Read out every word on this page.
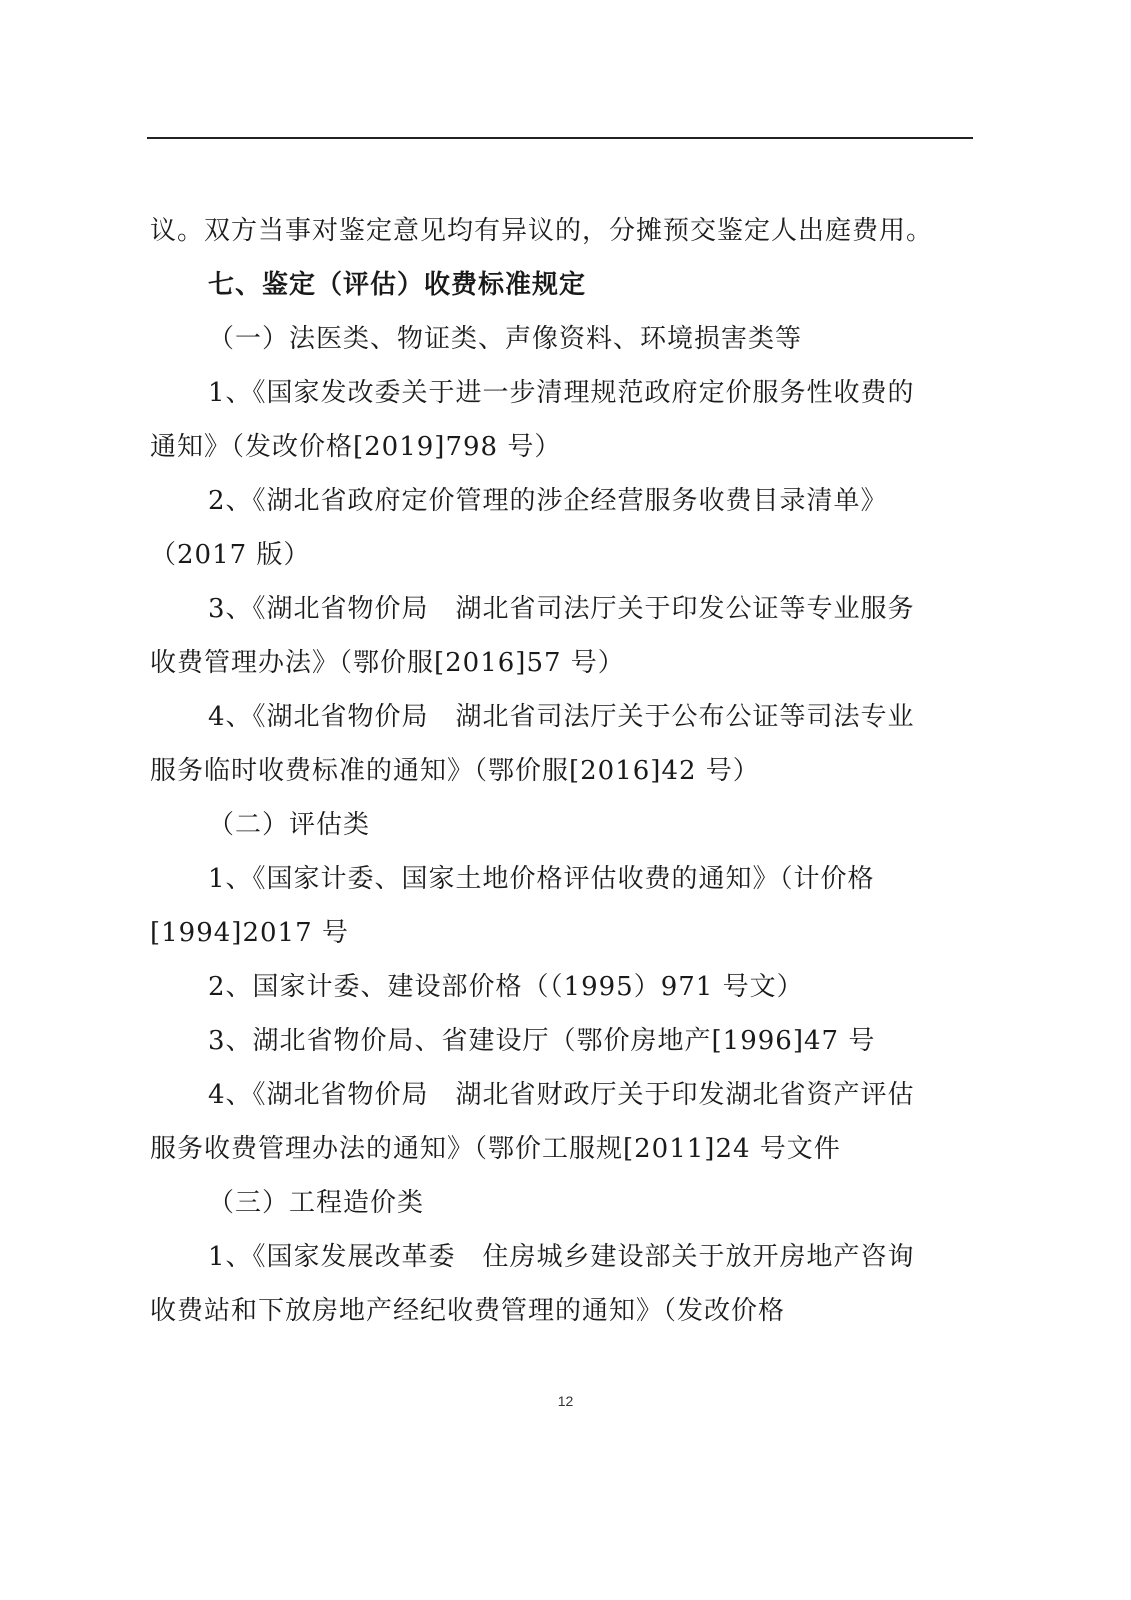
议。双方当事对鉴定意见均有异议的，分摊预交鉴定人出庭费用。
七、鉴定（评估）收费标准规定
（一）法医类、物证类、声像资料、环境损害类等
1、《国家发改委关于进一步清理规范政府定价服务性收费的
通知》（发改价格[2019]798 号）
2、《湖北省政府定价管理的涉企经营服务收费目录清单》
（2017 版）
3、《湖北省物价局　湖北省司法厅关于印发公证等专业服务
收费管理办法》（鄂价服[2016]57 号）
4、《湖北省物价局　湖北省司法厅关于公布公证等司法专业
服务临时收费标准的通知》（鄂价服[2016]42 号）
（二）评估类
1、《国家计委、国家土地价格评估收费的通知》（计价格
[1994]2017 号
2、国家计委、建设部价格（（1995）971 号文）
3、湖北省物价局、省建设厅（鄂价房地产[1996]47 号
4、《湖北省物价局　湖北省财政厅关于印发湖北省资产评估
服务收费管理办法的通知》（鄂价工服规[2011]24 号文件
（三）工程造价类
1、《国家发展改革委　住房城乡建设部关于放开房地产咨询
收费站和下放房地产经纪收费管理的通知》（发改价格
12
